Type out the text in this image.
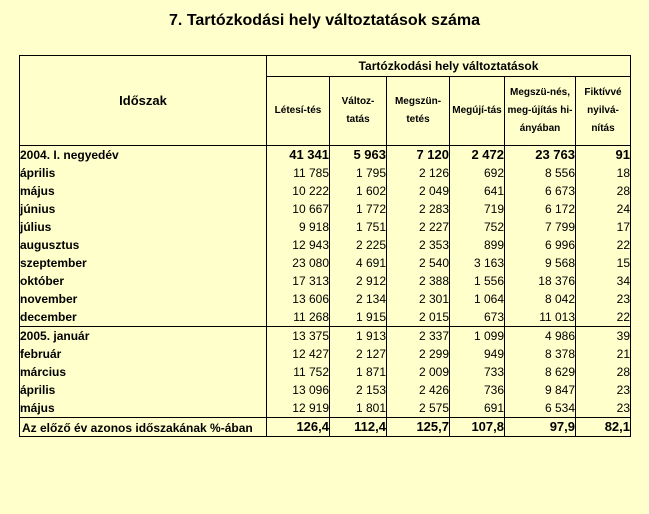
7. Tartózkodási hely változtatások száma
Időszak	Tartózkodási hely változtatások					
	Létesí-tés	Változ-tatás	Megszün-tetés	Megújí-tás	Megszü-nés, meg-újítás hi-ányában	Fiktívvé nyilvá-nítás
2004. I. negyedév	41 341	5 963	7 120	2 472	23 763	91
április	11 785	1 795	2 126	692	8 556	18
május	10 222	1 602	2 049	641	6 673	28
június	10 667	1 772	2 283	719	6 172	24
július	9 918	1 751	2 227	752	7 799	17
augusztus	12 943	2 225	2 353	899	6 996	22
szeptember	23 080	4 691	2 540	3 163	9 568	15
október	17 313	2 912	2 388	1 556	18 376	34
november	13 606	2 134	2 301	1 064	8 042	23
december	11 268	1 915	2 015	673	11 013	22
2005. január	13 375	1 913	2 337	1 099	4 986	39
február	12 427	2 127	2 299	949	8 378	21
március	11 752	1 871	2 009	733	8 629	28
április	13 096	2 153	2 426	736	9 847	23
május	12 919	1 801	2 575	691	6 534	23
Az előző év azonos időszakának %-ában	126,4	112,4	125,7	107,8	97,9	82,1
